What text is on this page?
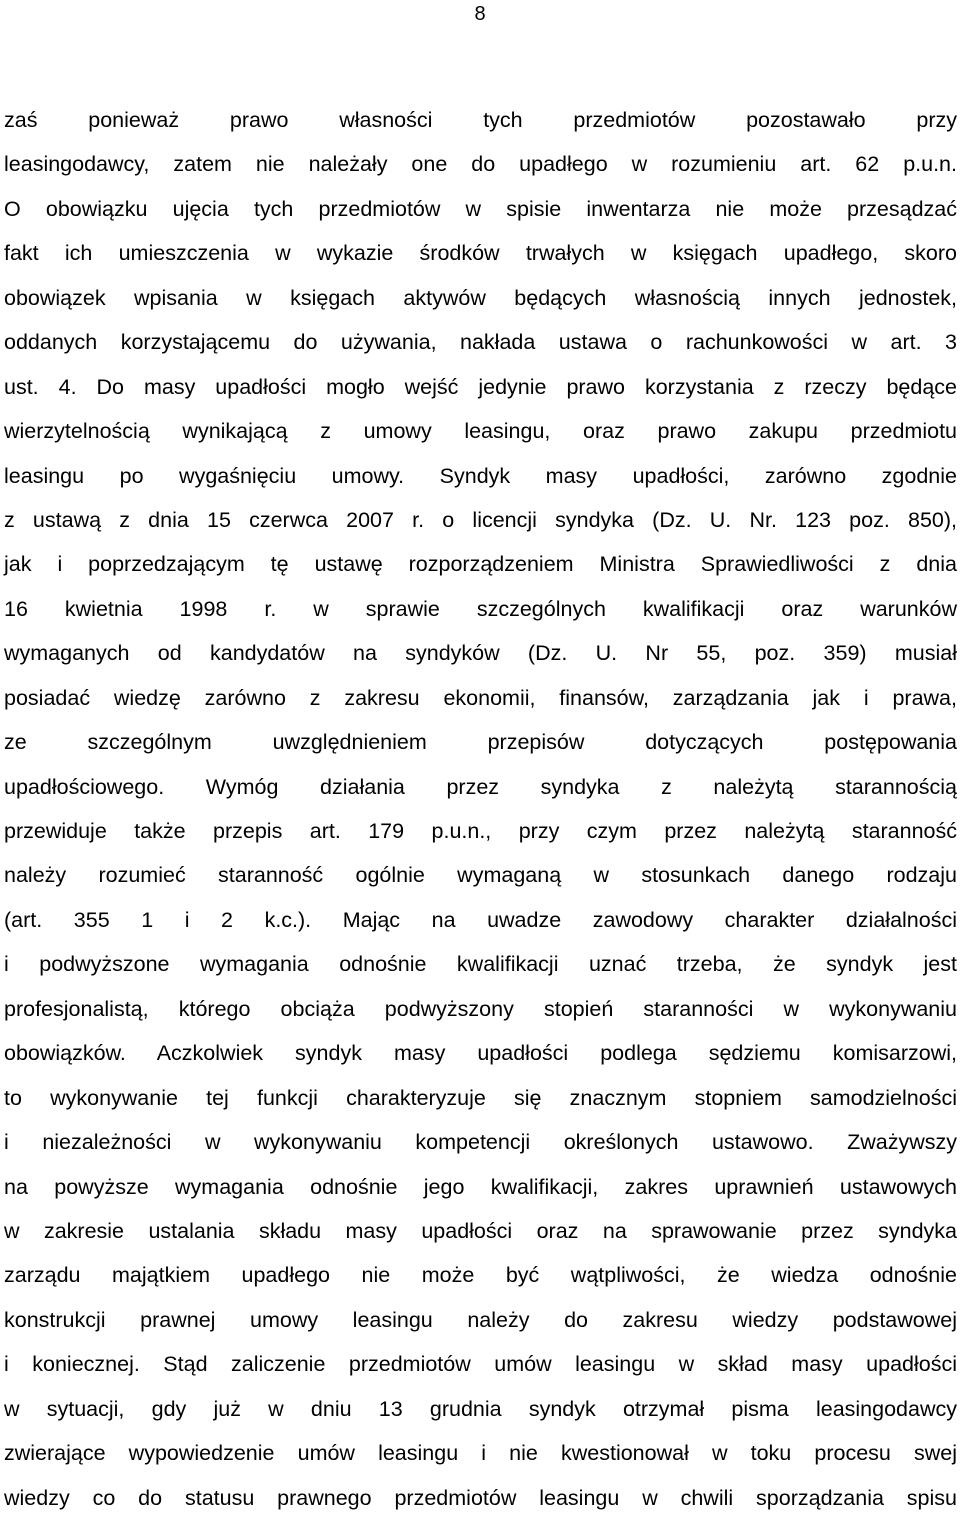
8
zaś ponieważ prawo własności tych przedmiotów pozostawało przy
leasingodawcy, zatem nie należały one do upadłego w rozumieniu art. 62 p.u.n.
O obowiązku ujęcia tych przedmiotów w spisie inwentarza nie może przesądzać
fakt ich umieszczenia w wykazie środków trwałych w księgach upadłego, skoro
obowiązek wpisania w księgach aktywów będących własnością innych jednostek,
oddanych korzystającemu do używania, nakłada ustawa o rachunkowości w art. 3
ust. 4. Do masy upadłości mogło wejść jedynie prawo korzystania z rzeczy będące
wierzytelnością wynikającą z umowy leasingu, oraz prawo zakupu przedmiotu
leasingu po wygaśnięciu umowy. Syndyk masy upadłości, zarówno zgodnie
z ustawą z dnia 15 czerwca 2007 r. o licencji syndyka (Dz. U. Nr. 123 poz. 850),
jak i poprzedzającym tę ustawę rozporządzeniem Ministra Sprawiedliwości z dnia
16 kwietnia 1998 r. w sprawie szczególnych kwalifikacji oraz warunków
wymaganych od kandydatów na syndyków (Dz. U. Nr 55, poz. 359) musiał
posiadać wiedzę zarówno z zakresu ekonomii, finansów, zarządzania jak i prawa,
ze szczególnym uwzględnieniem przepisów dotyczących postępowania
upadłościowego. Wymóg działania przez syndyka z należytą starannością
przewiduje także przepis art. 179 p.u.n., przy czym przez należytą staranność
należy rozumieć staranność ogólnie wymaganą w stosunkach danego rodzaju
(art. 355 1 i 2 k.c.). Mając na uwadze zawodowy charakter działalności
i podwyższone wymagania odnośnie kwalifikacji uznać trzeba, że syndyk jest
profesjonalistą, którego obciąża podwyższony stopień staranności w wykonywaniu
obowiązków. Aczkolwiek syndyk masy upadłości podlega sędziemu komisarzowi,
to wykonywanie tej funkcji charakteryzuje się znacznym stopniem samodzielności
i niezależności w wykonywaniu kompetencji określonych ustawowo. Zważywszy
na powyższe wymagania odnośnie jego kwalifikacji, zakres uprawnień ustawowych
w zakresie ustalania składu masy upadłości oraz na sprawowanie przez syndyka
zarządu majątkiem upadłego nie może być wątpliwości, że wiedza odnośnie
konstrukcji prawnej umowy leasingu należy do zakresu wiedzy podstawowej
i koniecznej. Stąd zaliczenie przedmiotów umów leasingu w skład masy upadłości
w sytuacji, gdy już w dniu 13 grudnia syndyk otrzymał pisma leasingodawcy
zwierające wypowiedzenie umów leasingu i nie kwestionował w toku procesu swej
wiedzy co do statusu prawnego przedmiotów leasingu w chwili sporządzania spisu
